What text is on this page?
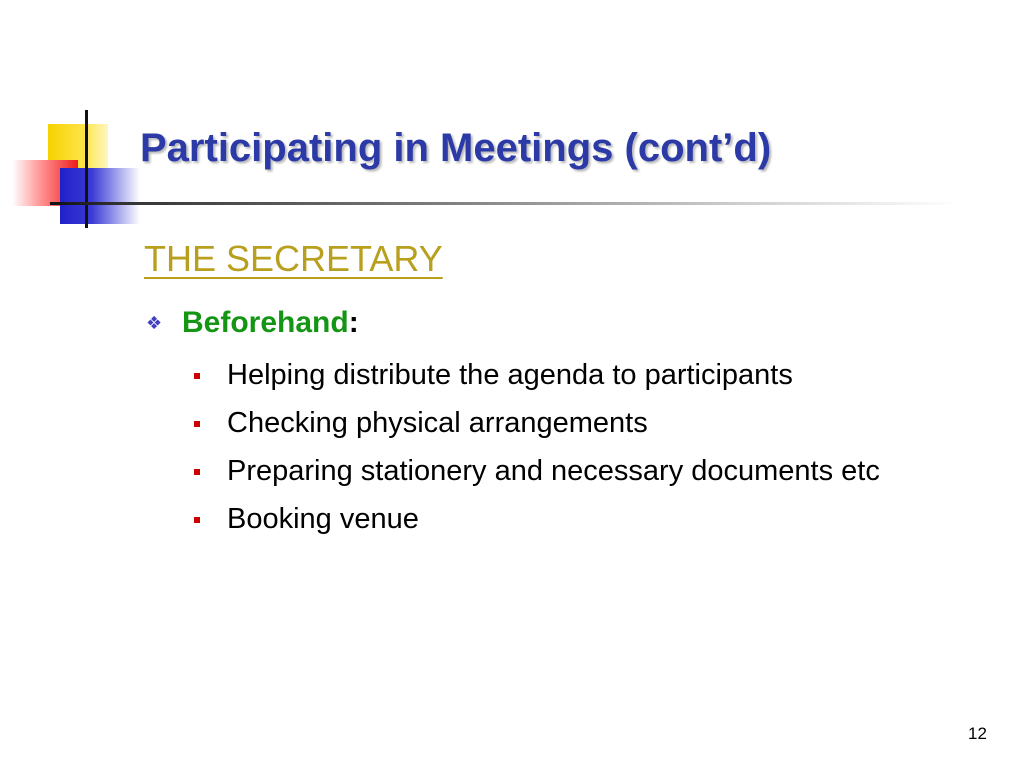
Participating in Meetings (cont’d)
THE SECRETARY
❖ Beforehand :
Helping distribute the agenda to participants
Checking physical arrangements
Preparing stationery and necessary documents etc
Booking venue
12
